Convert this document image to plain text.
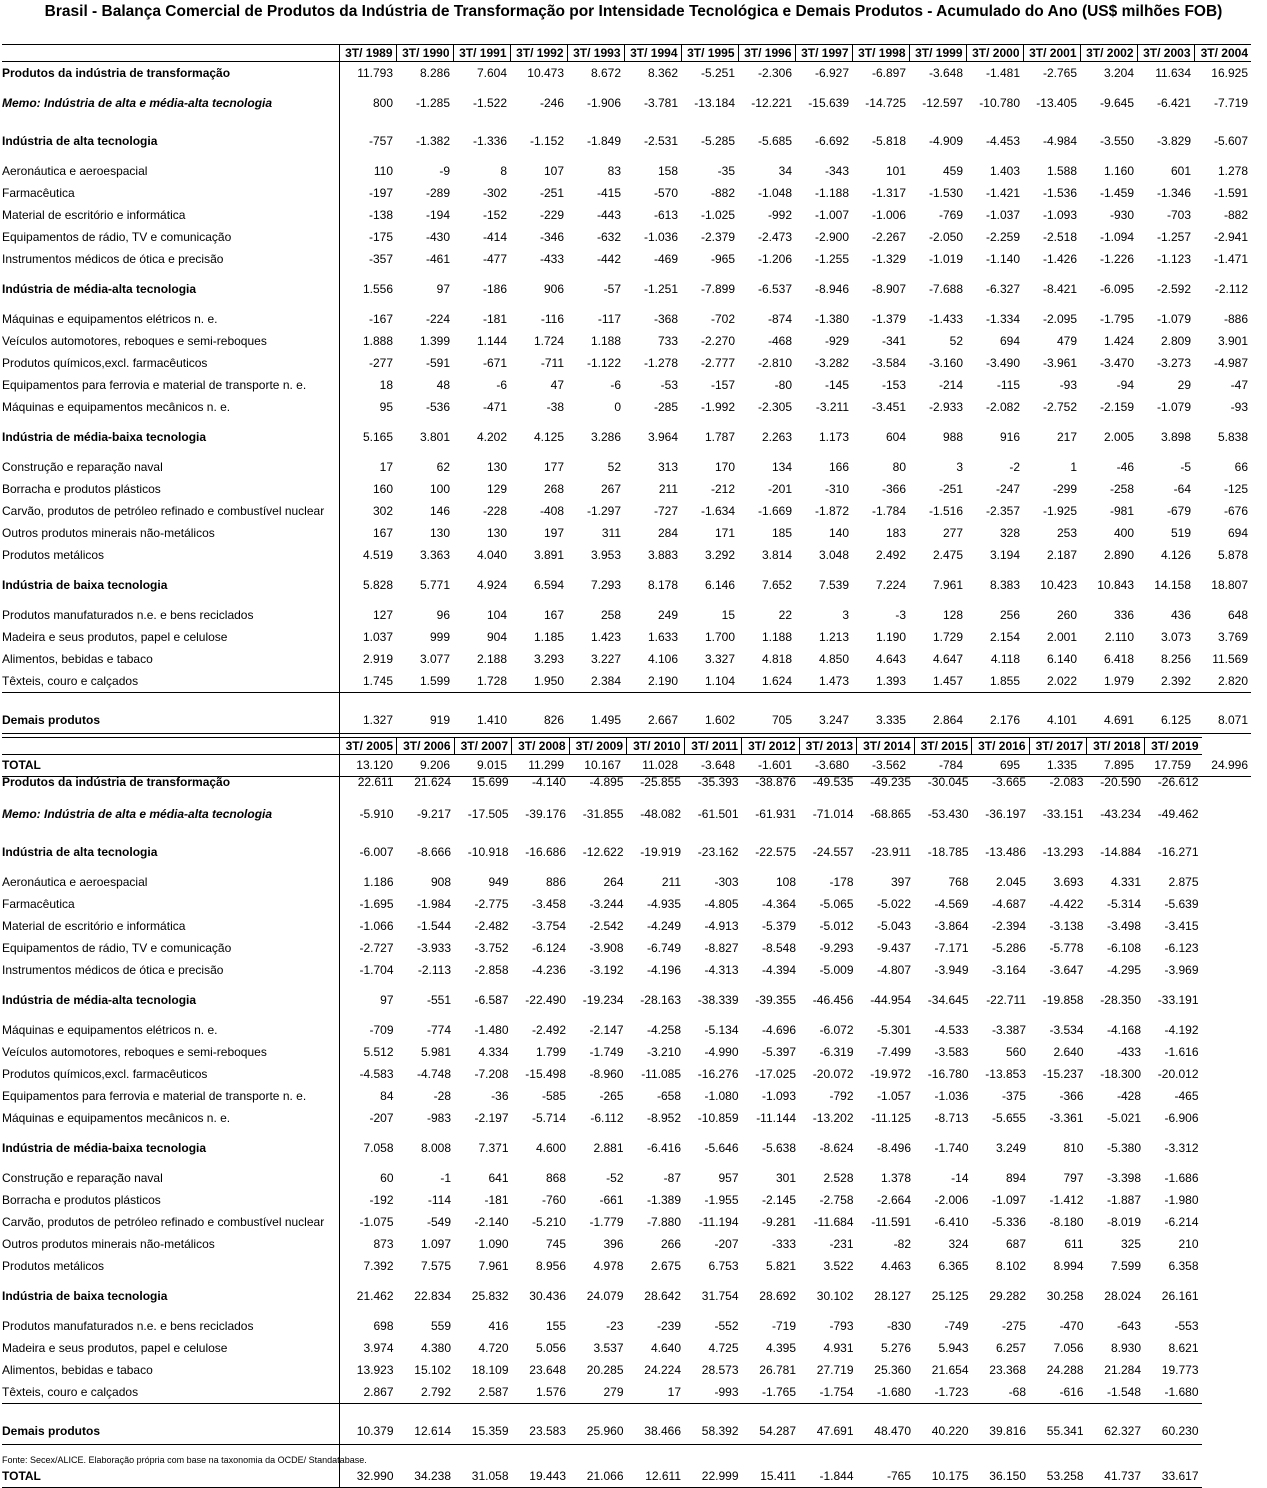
Brasil - Balança Comercial de Produtos da Indústria de Transformação por Intensidade Tecnológica e Demais Produtos - Acumulado do Ano (US$ milhões FOB)
	3T/ 1989	3T/ 1990	3T/ 1991	3T/ 1992	3T/ 1993	3T/ 1994	3T/ 1995	3T/ 1996	3T/ 1997	3T/ 1998	3T/ 1999	3T/ 2000	3T/ 2001	3T/ 2002	3T/ 2003	3T/ 2004
Produtos da indústria de transformação	11.793	8.286	7.604	10.473	8.672	8.362	-5.251	-2.306	-6.927	-6.897	-3.648	-1.481	-2.765	3.204	11.634	16.925
Memo: Indústria de alta e média-alta tecnologia	800	-1.285	-1.522	-246	-1.906	-3.781	-13.184	-12.221	-15.639	-14.725	-12.597	-10.780	-13.405	-9.645	-6.421	-7.719
Indústria de alta tecnologia	-757	-1.382	-1.336	-1.152	-1.849	-2.531	-5.285	-5.685	-6.692	-5.818	-4.909	-4.453	-4.984	-3.550	-3.829	-5.607
Aeronáutica e aeroespacial	110	-9	8	107	83	158	-35	34	-343	101	459	1.403	1.588	1.160	601	1.278
Farmacêutica	-197	-289	-302	-251	-415	-570	-882	-1.048	-1.188	-1.317	-1.530	-1.421	-1.536	-1.459	-1.346	-1.591
Material de escritório e informática	-138	-194	-152	-229	-443	-613	-1.025	-992	-1.007	-1.006	-769	-1.037	-1.093	-930	-703	-882
Equipamentos de rádio, TV e comunicação	-175	-430	-414	-346	-632	-1.036	-2.379	-2.473	-2.900	-2.267	-2.050	-2.259	-2.518	-1.094	-1.257	-2.941
Instrumentos médicos de ótica e precisão	-357	-461	-477	-433	-442	-469	-965	-1.206	-1.255	-1.329	-1.019	-1.140	-1.426	-1.226	-1.123	-1.471
Indústria de média-alta tecnologia	1.556	97	-186	906	-57	-1.251	-7.899	-6.537	-8.946	-8.907	-7.688	-6.327	-8.421	-6.095	-2.592	-2.112
Máquinas e equipamentos elétricos n. e.	-167	-224	-181	-116	-117	-368	-702	-874	-1.380	-1.379	-1.433	-1.334	-2.095	-1.795	-1.079	-886
Veículos automotores, reboques e semi-reboques	1.888	1.399	1.144	1.724	1.188	733	-2.270	-468	-929	-341	52	694	479	1.424	2.809	3.901
Produtos químicos,excl. farmacêuticos	-277	-591	-671	-711	-1.122	-1.278	-2.777	-2.810	-3.282	-3.584	-3.160	-3.490	-3.961	-3.470	-3.273	-4.987
Equipamentos para ferrovia e material de transporte n. e.	18	48	-6	47	-6	-53	-157	-80	-145	-153	-214	-115	-93	-94	29	-47
Máquinas e equipamentos mecânicos n. e.	95	-536	-471	-38	0	-285	-1.992	-2.305	-3.211	-3.451	-2.933	-2.082	-2.752	-2.159	-1.079	-93
Indústria de média-baixa tecnologia	5.165	3.801	4.202	4.125	3.286	3.964	1.787	2.263	1.173	604	988	916	217	2.005	3.898	5.838
Construção e reparação naval	17	62	130	177	52	313	170	134	166	80	3	-2	1	-46	-5	66
Borracha e produtos plásticos	160	100	129	268	267	211	-212	-201	-310	-366	-251	-247	-299	-258	-64	-125
Carvão, produtos de petróleo refinado e combustível nuclear	302	146	-228	-408	-1.297	-727	-1.634	-1.669	-1.872	-1.784	-1.516	-2.357	-1.925	-981	-679	-676
Outros produtos minerais não-metálicos	167	130	130	197	311	284	171	185	140	183	277	328	253	400	519	694
Produtos metálicos	4.519	3.363	4.040	3.891	3.953	3.883	3.292	3.814	3.048	2.492	2.475	3.194	2.187	2.890	4.126	5.878
Indústria de baixa tecnologia	5.828	5.771	4.924	6.594	7.293	8.178	6.146	7.652	7.539	7.224	7.961	8.383	10.423	10.843	14.158	18.807
Produtos manufaturados n.e. e bens reciclados	127	96	104	167	258	249	15	22	3	-3	128	256	260	336	436	648
Madeira e seus produtos, papel e celulose	1.037	999	904	1.185	1.423	1.633	1.700	1.188	1.213	1.190	1.729	2.154	2.001	2.110	3.073	3.769
Alimentos, bebidas e tabaco	2.919	3.077	2.188	3.293	3.227	4.106	3.327	4.818	4.850	4.643	4.647	4.118	6.140	6.418	8.256	11.569
Têxteis, couro e calçados	1.745	1.599	1.728	1.950	2.384	2.190	1.104	1.624	1.473	1.393	1.457	1.855	2.022	1.979	2.392	2.820
Demais produtos	1.327	919	1.410	826	1.495	2.667	1.602	705	3.247	3.335	2.864	2.176	4.101	4.691	6.125	8.071
TOTAL	13.120	9.206	9.015	11.299	10.167	11.028	-3.648	-1.601	-3.680	-3.562	-784	695	1.335	7.895	17.759	24.996
	3T/ 2005	3T/ 2006	3T/ 2007	3T/ 2008	3T/ 2009	3T/ 2010	3T/ 2011	3T/ 2012	3T/ 2013	3T/ 2014	3T/ 2015	3T/ 2016	3T/ 2017	3T/ 2018	3T/ 2019
Produtos da indústria de transformação	22.611	21.624	15.699	-4.140	-4.895	-25.855	-35.393	-38.876	-49.535	-49.235	-30.045	-3.665	-2.083	-20.590	-26.612
Memo: Indústria de alta e média-alta tecnologia	-5.910	-9.217	-17.505	-39.176	-31.855	-48.082	-61.501	-61.931	-71.014	-68.865	-53.430	-36.197	-33.151	-43.234	-49.462
Indústria de alta tecnologia	-6.007	-8.666	-10.918	-16.686	-12.622	-19.919	-23.162	-22.575	-24.557	-23.911	-18.785	-13.486	-13.293	-14.884	-16.271
Aeronáutica e aeroespacial	1.186	908	949	886	264	211	-303	108	-178	397	768	2.045	3.693	4.331	2.875
Farmacêutica	-1.695	-1.984	-2.775	-3.458	-3.244	-4.935	-4.805	-4.364	-5.065	-5.022	-4.569	-4.687	-4.422	-5.314	-5.639
Material de escritório e informática	-1.066	-1.544	-2.482	-3.754	-2.542	-4.249	-4.913	-5.379	-5.012	-5.043	-3.864	-2.394	-3.138	-3.498	-3.415
Equipamentos de rádio, TV e comunicação	-2.727	-3.933	-3.752	-6.124	-3.908	-6.749	-8.827	-8.548	-9.293	-9.437	-7.171	-5.286	-5.778	-6.108	-6.123
Instrumentos médicos de ótica e precisão	-1.704	-2.113	-2.858	-4.236	-3.192	-4.196	-4.313	-4.394	-5.009	-4.807	-3.949	-3.164	-3.647	-4.295	-3.969
Indústria de média-alta tecnologia	97	-551	-6.587	-22.490	-19.234	-28.163	-38.339	-39.355	-46.456	-44.954	-34.645	-22.711	-19.858	-28.350	-33.191
Máquinas e equipamentos elétricos n. e.	-709	-774	-1.480	-2.492	-2.147	-4.258	-5.134	-4.696	-6.072	-5.301	-4.533	-3.387	-3.534	-4.168	-4.192
Veículos automotores, reboques e semi-reboques	5.512	5.981	4.334	1.799	-1.749	-3.210	-4.990	-5.397	-6.319	-7.499	-3.583	560	2.640	-433	-1.616
Produtos químicos,excl. farmacêuticos	-4.583	-4.748	-7.208	-15.498	-8.960	-11.085	-16.276	-17.025	-20.072	-19.972	-16.780	-13.853	-15.237	-18.300	-20.012
Equipamentos para ferrovia e material de transporte n. e.	84	-28	-36	-585	-265	-658	-1.080	-1.093	-792	-1.057	-1.036	-375	-366	-428	-465
Máquinas e equipamentos mecânicos n. e.	-207	-983	-2.197	-5.714	-6.112	-8.952	-10.859	-11.144	-13.202	-11.125	-8.713	-5.655	-3.361	-5.021	-6.906
Indústria de média-baixa tecnologia	7.058	8.008	7.371	4.600	2.881	-6.416	-5.646	-5.638	-8.624	-8.496	-1.740	3.249	810	-5.380	-3.312
Construção e reparação naval	60	-1	641	868	-52	-87	957	301	2.528	1.378	-14	894	797	-3.398	-1.686
Borracha e produtos plásticos	-192	-114	-181	-760	-661	-1.389	-1.955	-2.145	-2.758	-2.664	-2.006	-1.097	-1.412	-1.887	-1.980
Carvão, produtos de petróleo refinado e combustível nuclear	-1.075	-549	-2.140	-5.210	-1.779	-7.880	-11.194	-9.281	-11.684	-11.591	-6.410	-5.336	-8.180	-8.019	-6.214
Outros produtos minerais não-metálicos	873	1.097	1.090	745	396	266	-207	-333	-231	-82	324	687	611	325	210
Produtos metálicos	7.392	7.575	7.961	8.956	4.978	2.675	6.753	5.821	3.522	4.463	6.365	8.102	8.994	7.599	6.358
Indústria de baixa tecnologia	21.462	22.834	25.832	30.436	24.079	28.642	31.754	28.692	30.102	28.127	25.125	29.282	30.258	28.024	26.161
Produtos manufaturados n.e. e bens reciclados	698	559	416	155	-23	-239	-552	-719	-793	-830	-749	-275	-470	-643	-553
Madeira e seus produtos, papel e celulose	3.974	4.380	4.720	5.056	3.537	4.640	4.725	4.395	4.931	5.276	5.943	6.257	7.056	8.930	8.621
Alimentos, bebidas e tabaco	13.923	15.102	18.109	23.648	20.285	24.224	28.573	26.781	27.719	25.360	21.654	23.368	24.288	21.284	19.773
Têxteis, couro e calçados	2.867	2.792	2.587	1.576	279	17	-993	-1.765	-1.754	-1.680	-1.723	-68	-616	-1.548	-1.680
Demais produtos	10.379	12.614	15.359	23.583	25.960	38.466	58.392	54.287	47.691	48.470	40.220	39.816	55.341	62.327	60.230
TOTAL	32.990	34.238	31.058	19.443	21.066	12.611	22.999	15.411	-1.844	-765	10.175	36.150	53.258	41.737	33.617
Fonte: Secex/ALICE. Elaboração própria com base na taxonomia da OCDE/ Standatabase.
